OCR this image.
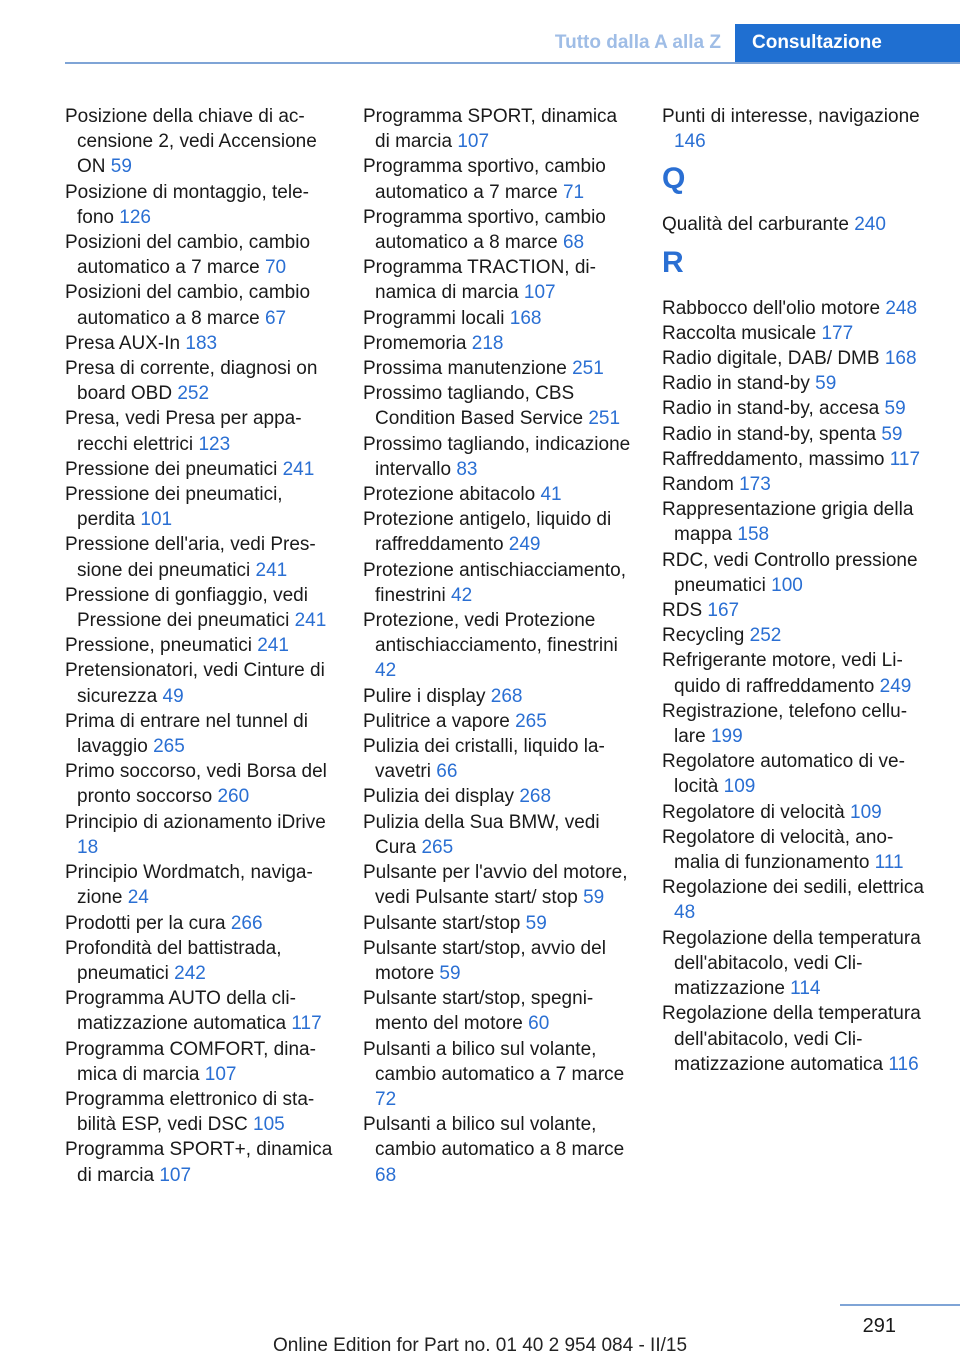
Tutto dalla A alla Z	Consultazione
Posizione della chiave di accensione 2, vedi Accensione ON 59
Posizione di montaggio, telefono 126
Posizioni del cambio, cambio automatico a 7 marce 70
Posizioni del cambio, cambio automatico a 8 marce 67
Presa AUX-In 183
Presa di corrente, diagnosi on board OBD 252
Presa, vedi Presa per apparecchi elettrici 123
Pressione dei pneumatici 241
Pressione dei pneumatici, perdita 101
Pressione dell'aria, vedi Pressione dei pneumatici 241
Pressione di gonfiaggio, vedi Pressione dei pneumatici 241
Pressione, pneumatici 241
Pretensionatori, vedi Cinture di sicurezza 49
Prima di entrare nel tunnel di lavaggio 265
Primo soccorso, vedi Borsa del pronto soccorso 260
Principio di azionamento iDrive 18
Principio Wordmatch, navigazione 24
Prodotti per la cura 266
Profondità del battistrada, pneumatici 242
Programma AUTO della climatizzazione automatica 117
Programma COMFORT, dinamica di marcia 107
Programma elettronico di stabilità ESP, vedi DSC 105
Programma SPORT+, dinamica di marcia 107
Programma SPORT, dinamica di marcia 107
Programma sportivo, cambio automatico a 7 marce 71
Programma sportivo, cambio automatico a 8 marce 68
Programma TRACTION, dinamica di marcia 107
Programmi locali 168
Promemoria 218
Prossima manutenzione 251
Prossimo tagliando, CBS Condition Based Service 251
Prossimo tagliando, indicazione intervallo 83
Protezione abitacolo 41
Protezione antigelo, liquido di raffreddamento 249
Protezione antischiacciamento, finestrini 42
Protezione, vedi Protezione antischiacciamento, finestrini 42
Pulire i display 268
Pulitrice a vapore 265
Pulizia dei cristalli, liquido lavavetri 66
Pulizia dei display 268
Pulizia della Sua BMW, vedi Cura 265
Pulsante per l'avvio del motore, vedi Pulsante start/ stop 59
Pulsante start/stop 59
Pulsante start/stop, avvio del motore 59
Pulsante start/stop, spegnimento del motore 60
Pulsanti a bilico sul volante, cambio automatico a 7 marce 72
Pulsanti a bilico sul volante, cambio automatico a 8 marce 68
Punti di interesse, navigazione 146
Q
Qualità del carburante 240
R
Rabbocco dell'olio motore 248
Raccolta musicale 177
Radio digitale, DAB/ DMB 168
Radio in stand-by 59
Radio in stand-by, accesa 59
Radio in stand-by, spenta 59
Raffreddamento, massimo 117
Random 173
Rappresentazione grigia della mappa 158
RDC, vedi Controllo pressione pneumatici 100
RDS 167
Recycling 252
Refrigerante motore, vedi Liquido di raffreddamento 249
Registrazione, telefono cellulare 199
Regolatore automatico di velocità 109
Regolatore di velocità 109
Regolatore di velocità, anomalia di funzionamento 111
Regolazione dei sedili, elettrica 48
Regolazione della temperatura dell'abitacolo, vedi Climatizzazione 114
Regolazione della temperatura dell'abitacolo, vedi Climatizzazione automatica 116
291
Online Edition for Part no. 01 40 2 954 084 - II/15
